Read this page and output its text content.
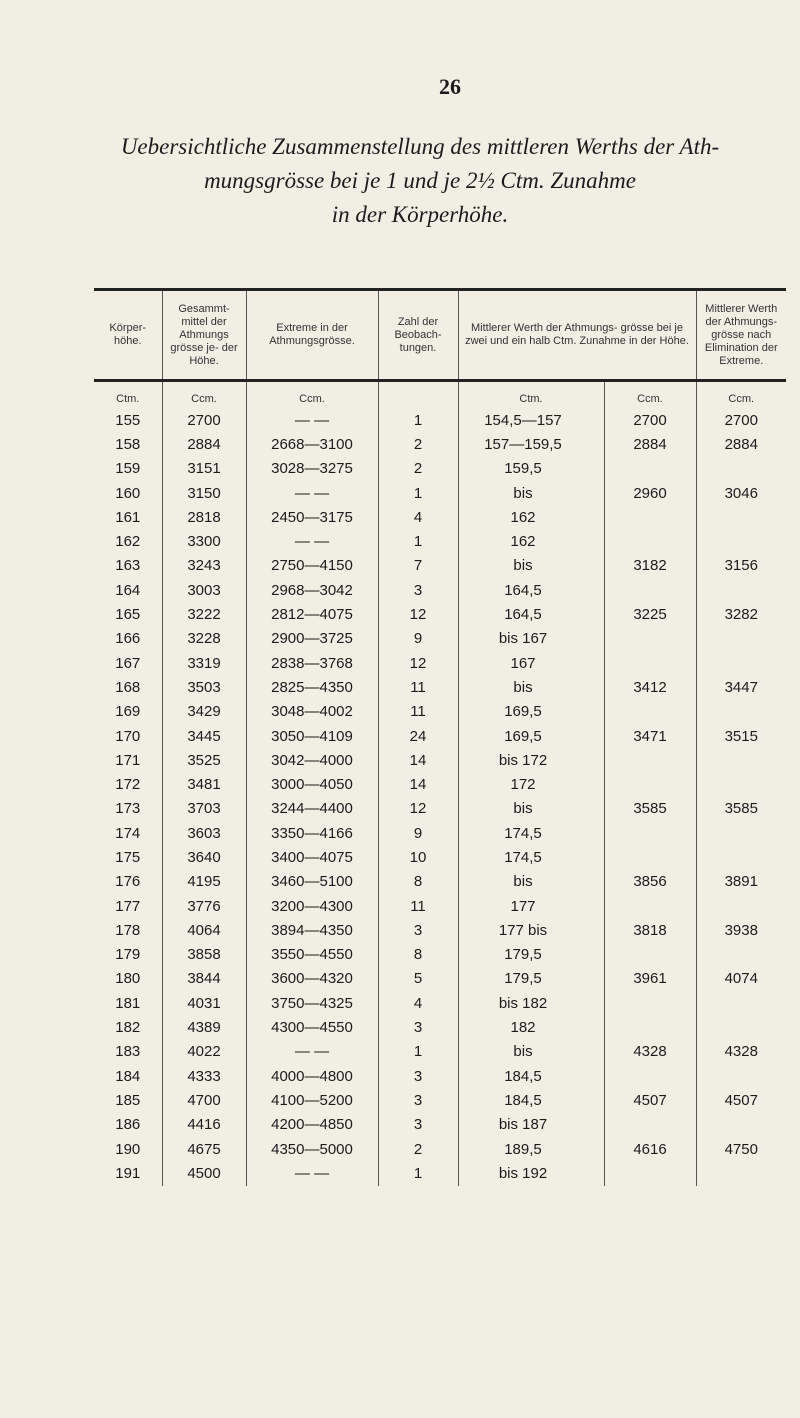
26
Uebersichtliche Zusammenstellung des mittleren Werths der Ath-
mungsgrösse bei je 1 und je 2½ Ctm. Zunahme
in der Körperhöhe.
Körper- höhe.	Gesammt- mittel der Athmungs grösse je- der Höhe.	Extreme in der Athmungsgrösse.	Zahl der Beobach- tungen.	Mittlerer Werth der Athmungs- grösse bei je zwei und ein halb Ctm. Zunahme in der Höhe.		Mittlerer Werth der Athmungs- grösse nach Elimination der Extreme.
Ctm.	Ccm.	Ccm.		Ctm.	Ccm.	Ccm.
155	2700	— —	1	154,5—157	2700	2700
158	2884	2668—3100	2	157—159,5	2884	2884
159	3151	3028—3275	2	159,5		
160	3150	— —	1	bis	2960	3046
161	2818	2450—3175	4	162		
162	3300	— —	1	162		
163	3243	2750—4150	7	bis	3182	3156
164	3003	2968—3042	3	164,5		
165	3222	2812—4075	12	164,5	3225	3282
166	3228	2900—3725	9	bis 167		
167	3319	2838—3768	12	167		
168	3503	2825—4350	11	bis	3412	3447
169	3429	3048—4002	11	169,5		
170	3445	3050—4109	24	169,5	3471	3515
171	3525	3042—4000	14	bis 172		
172	3481	3000—4050	14	172		
173	3703	3244—4400	12	bis	3585	3585
174	3603	3350—4166	9	174,5		
175	3640	3400—4075	10	174,5		
176	4195	3460—5100	8	bis	3856	3891
177	3776	3200—4300	11	177		
178	4064	3894—4350	3	177 bis	3818	3938
179	3858	3550—4550	8	179,5		
180	3844	3600—4320	5	179,5	3961	4074
181	4031	3750—4325	4	bis 182		
182	4389	4300—4550	3	182		
183	4022	— —	1	bis	4328	4328
184	4333	4000—4800	3	184,5		
185	4700	4100—5200	3	184,5	4507	4507
186	4416	4200—4850	3	bis 187		
190	4675	4350—5000	2	189,5	4616	4750
191	4500	— —	1	bis 192		
